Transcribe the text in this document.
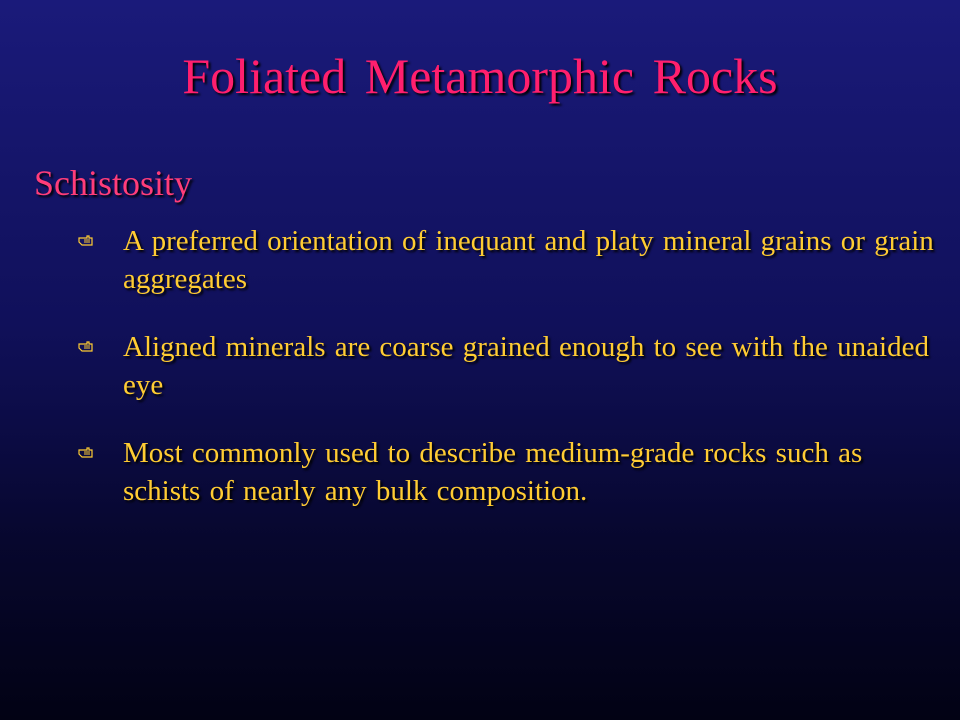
Foliated Metamorphic Rocks
Schistosity
A preferred orientation of inequant and platy mineral grains or grain aggregates
Aligned minerals are coarse grained enough to see with the unaided eye
Most commonly used to describe medium-grade rocks such as schists of nearly any bulk composition.
